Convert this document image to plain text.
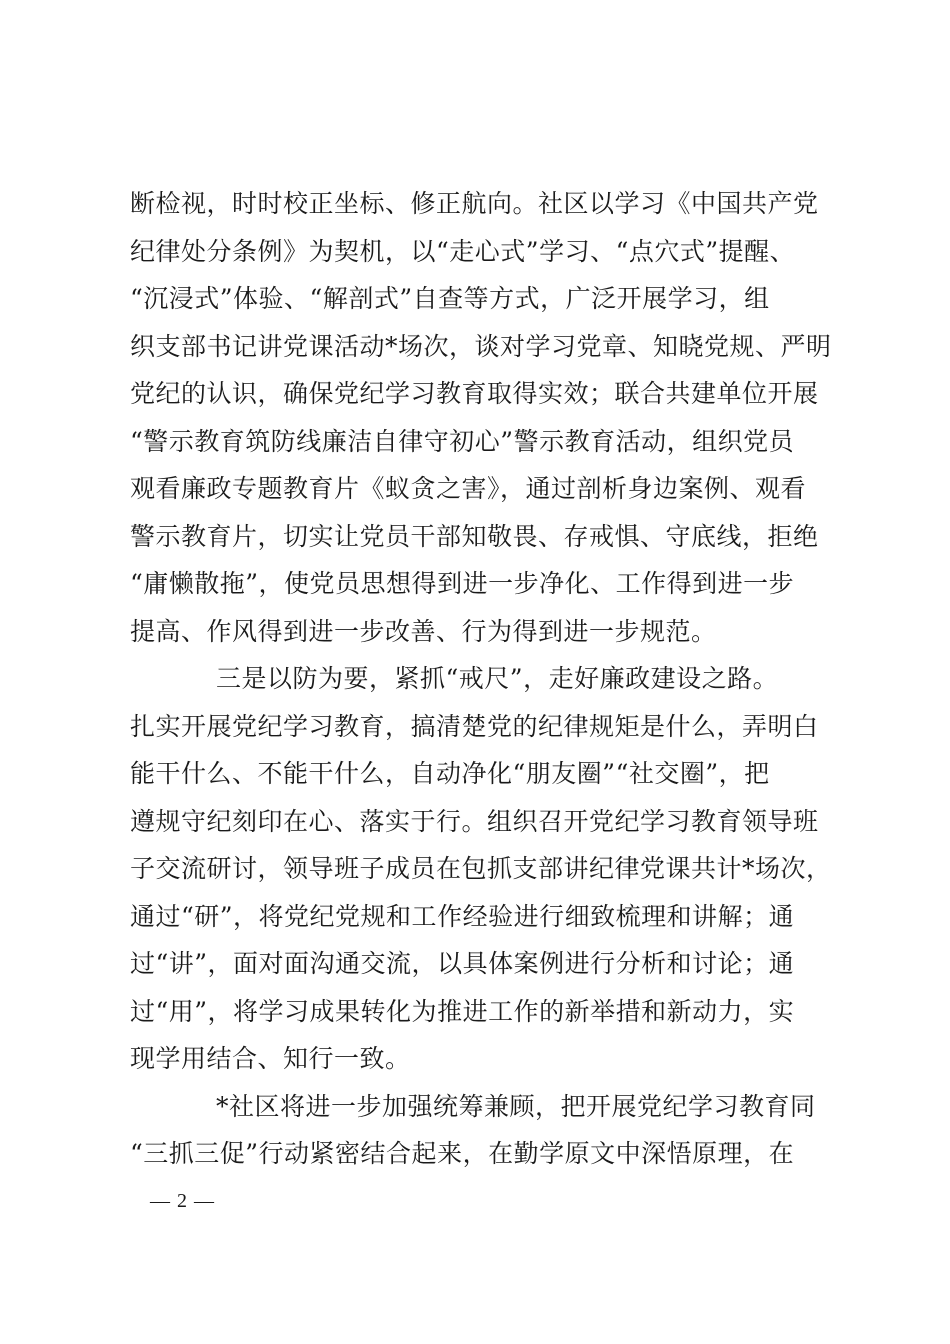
断检视，时时校正坐标、修正航向。社区以学习《中国共产党
纪律处分条例》为契机，以“走心式”学习、“点穴式”提醒、
“沉浸式”体验、“解剖式”自查等方式，广泛开展学习，组
织支部书记讲党课活动*场次，谈对学习党章、知晓党规、严明
党纪的认识，确保党纪学习教育取得实效；联合共建单位开展
“警示教育筑防线廉洁自律守初心”警示教育活动，组织党员
观看廉政专题教育片《蚁贪之害》，通过剖析身边案例、观看
警示教育片，切实让党员干部知敬畏、存戒惧、守底线，拒绝
“庸懒散拖”，使党员思想得到进一步净化、工作得到进一步
提高、作风得到进一步改善、行为得到进一步规范。
三是以防为要，紧抓“戒尺”，走好廉政建设之路。
扎实开展党纪学习教育，搞清楚党的纪律规矩是什么，弄明白
能干什么、不能干什么，自动净化“朋友圈”“社交圈”，把
遵规守纪刻印在心、落实于行。组织召开党纪学习教育领导班
子交流研讨，领导班子成员在包抓支部讲纪律党课共计*场次，
通过“研”，将党纪党规和工作经验进行细致梳理和讲解；通
过“讲”，面对面沟通交流，以具体案例进行分析和讨论；通
过“用”，将学习成果转化为推进工作的新举措和新动力，实
现学用结合、知行一致。
*社区将进一步加强统筹兼顾，把开展党纪学习教育同
“三抓三促”行动紧密结合起来，在勤学原文中深悟原理，在
— 2 —
